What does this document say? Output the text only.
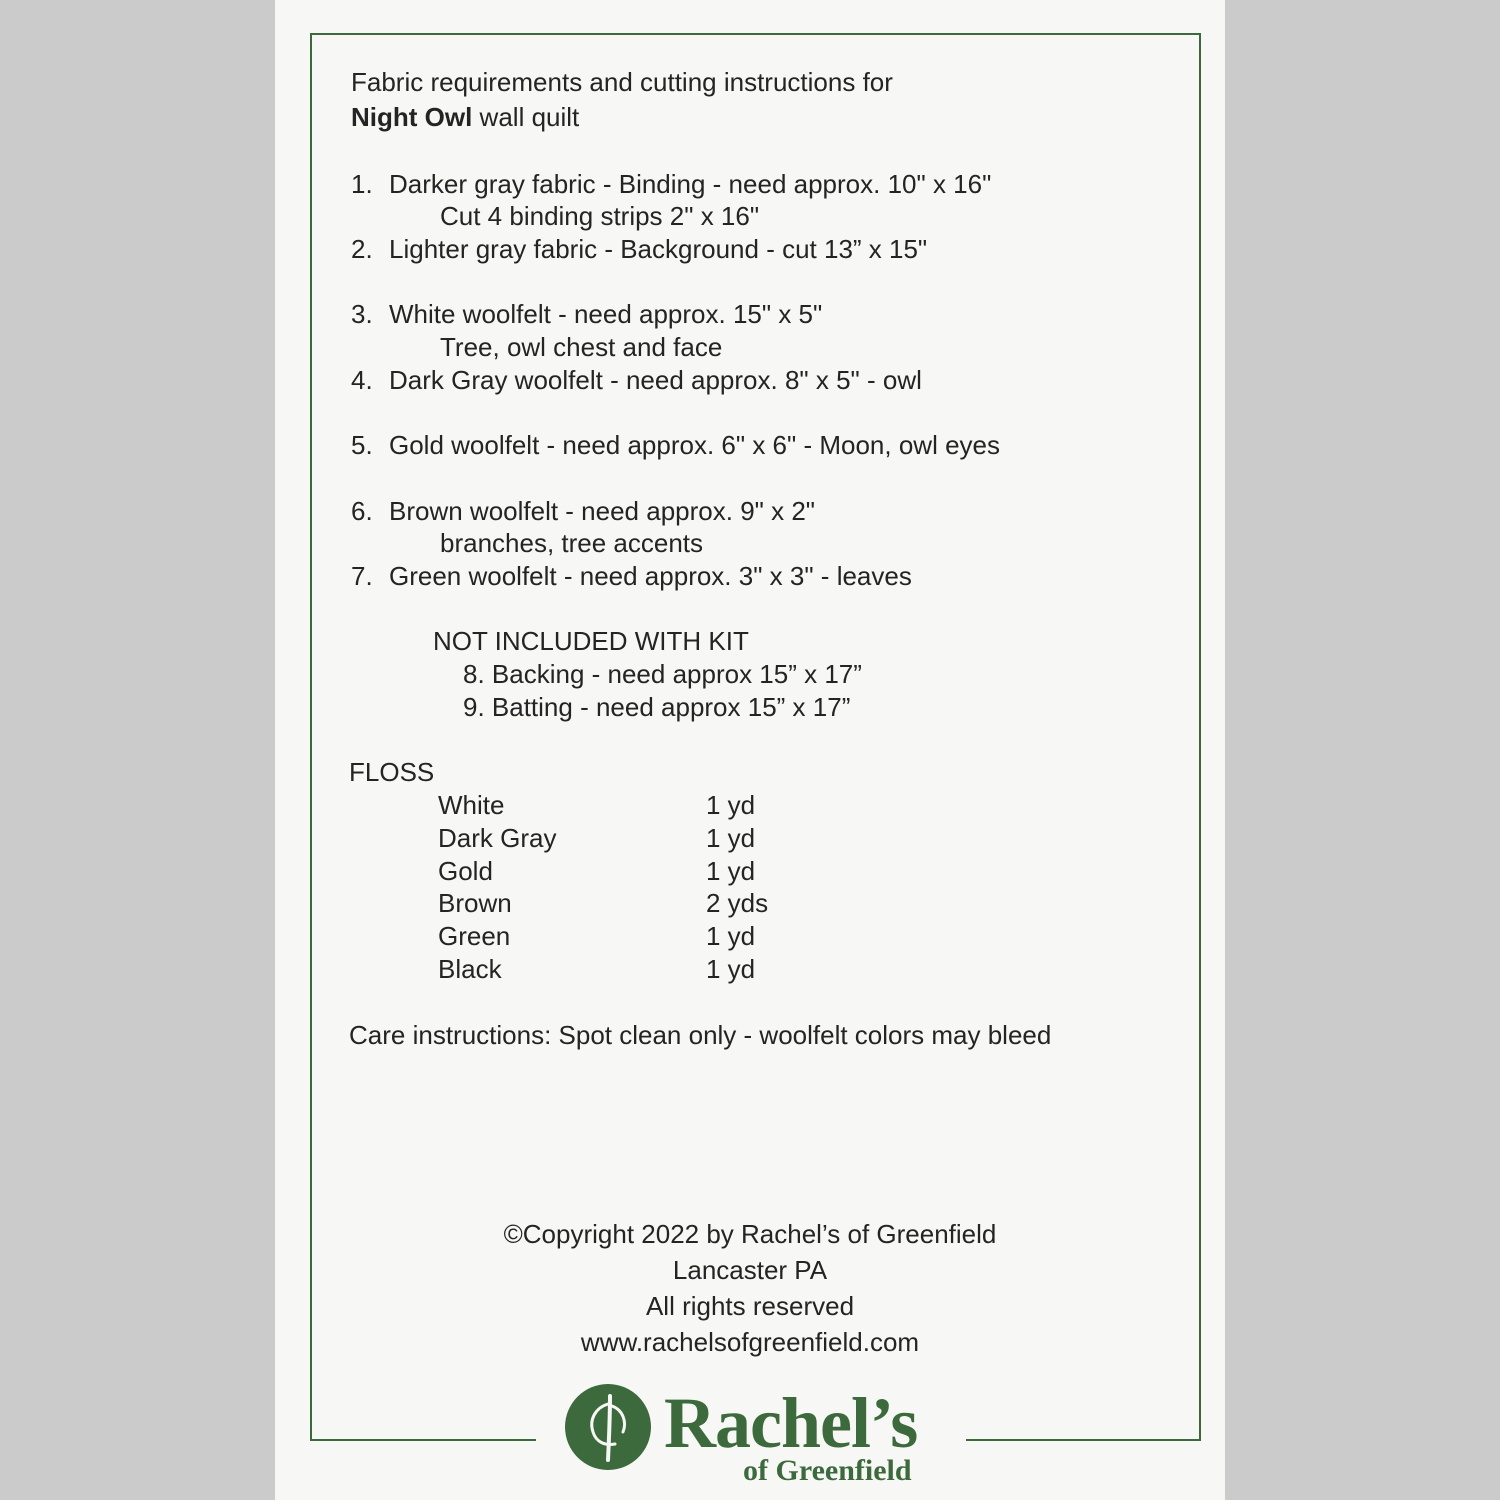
Fabric requirements and cutting instructions for
Night Owl wall quilt
1. Darker gray fabric - Binding - need approx. 10" x 16"
Cut 4 binding strips 2" x 16"
2. Lighter gray fabric - Background - cut 13” x 15"
3. White woolfelt - need approx. 15" x 5"
Tree, owl chest and face
4. Dark Gray woolfelt - need approx. 8" x 5" - owl
5. Gold woolfelt - need approx. 6" x 6" - Moon, owl eyes
6. Brown woolfelt - need approx. 9" x 2"
branches, tree accents
7. Green woolfelt - need approx. 3" x 3" - leaves
NOT INCLUDED WITH KIT
8. Backing - need approx 15” x 17”
9. Batting - need approx 15” x 17”
FLOSS
White	1 yd
Dark Gray	1 yd
Gold	1 yd
Brown	2 yds
Green	1 yd
Black	1 yd
Care instructions: Spot clean only - woolfelt colors may bleed
©Copyright 2022 by Rachel’s of Greenfield
Lancaster PA
All rights reserved
www.rachelsofgreenfield.com
Rachel’s
of Greenfield
